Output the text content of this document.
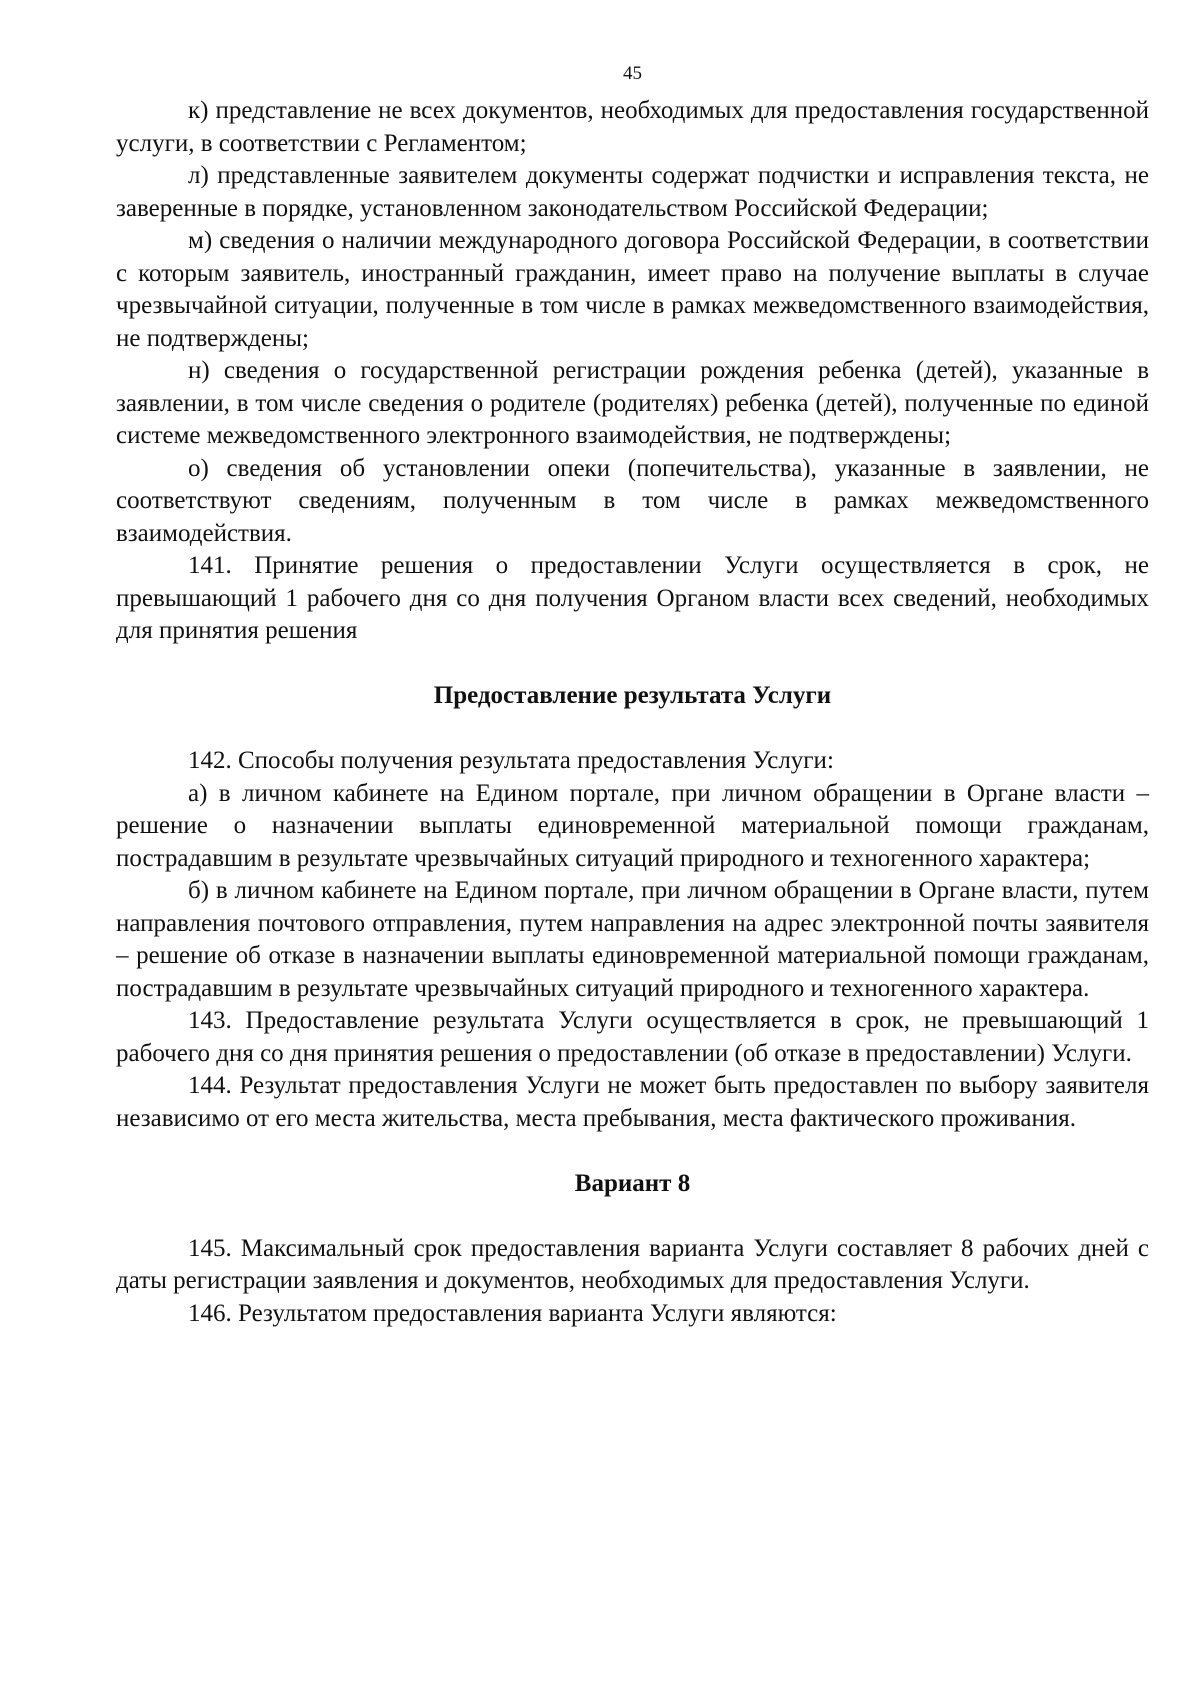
45

к) представление не всех документов, необходимых для предоставления государственной услуги, в соответствии с Регламентом;

л) представленные заявителем документы содержат подчистки и исправления текста, не заверенные в порядке, установленном законодательством Российской Федерации;

м) сведения о наличии международного договора Российской Федерации, в соответствии с которым заявитель, иностранный гражданин, имеет право на получение выплаты в случае чрезвычайной ситуации, полученные в том числе в рамках межведомственного взаимодействия, не подтверждены;

н) сведения о государственной регистрации рождения ребенка (детей), указанные в заявлении, в том числе сведения о родителе (родителях) ребенка (детей), полученные по единой системе межведомственного электронного взаимодействия, не подтверждены;

о) сведения об установлении опеки (попечительства), указанные в заявлении, не соответствуют сведениям, полученным в том числе в рамках межведомственного взаимодействия.

141. Принятие решения о предоставлении Услуги осуществляется в срок, не превышающий 1 рабочего дня со дня получения Органом власти всех сведений, необходимых для принятия решения

Предоставление результата Услуги

142. Способы получения результата предоставления Услуги:

а) в личном кабинете на Едином портале, при личном обращении в Органе власти – решение о назначении выплаты единовременной материальной помощи гражданам, пострадавшим в результате чрезвычайных ситуаций природного и техногенного характера;

б) в личном кабинете на Едином портале, при личном обращении в Органе власти, путем направления почтового отправления, путем направления на адрес электронной почты заявителя – решение об отказе в назначении выплаты единовременной материальной помощи гражданам, пострадавшим в результате чрезвычайных ситуаций природного и техногенного характера.

143. Предоставление результата Услуги осуществляется в срок, не превышающий 1 рабочего дня со дня принятия решения о предоставлении (об отказе в предоставлении) Услуги.

144. Результат предоставления Услуги не может быть предоставлен по выбору заявителя независимо от его места жительства, места пребывания, места фактического проживания.

Вариант 8

145. Максимальный срок предоставления варианта Услуги составляет 8 рабочих дней с даты регистрации заявления и документов, необходимых для предоставления Услуги.

146. Результатом предоставления варианта Услуги являются:
